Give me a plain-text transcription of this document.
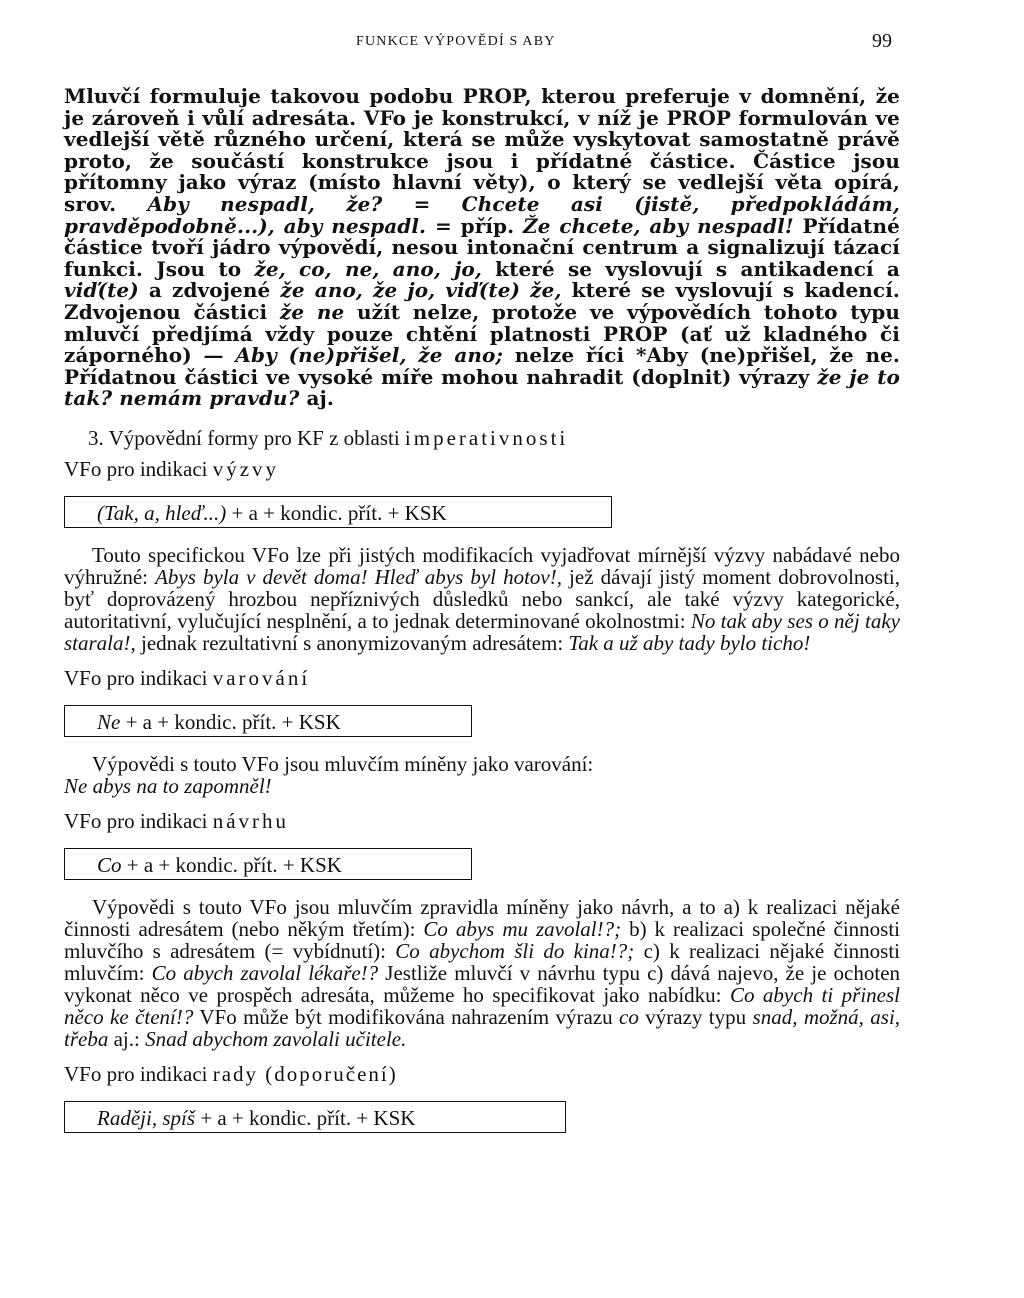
FUNKCE VÝPOVĚDÍ S ABY	99

Mluvčí formuluje takovou podobu PROP, kterou preferuje v domnění, že je zároveň i vůlí adresáta. VFo je konstrukcí, v níž je PROP formulován ve vedlejší větě různého určení, která se může vyskytovat samostatně právě proto, že součástí konstrukce jsou i přídatné částice. Částice jsou přítomny jako výraz (místo hlavní věty), o který se vedlejší věta opírá, srov. Aby nespadl, že? = Chcete asi (jistě, předpokládám, pravděpodobně...), aby nespadl. = příp. Že chcete, aby nespadl! Přídatné částice tvoří jádro výpovědí, nesou intonační centrum a signalizují tázací funkci. Jsou to že, co, ne, ano, jo, které se vyslovují s antikadencí a viď(te) a zdvojené že ano, že jo, viď(te) že, které se vyslovují s kadencí. Zdvojenou částici že ne užít nelze, protože ve výpovědích tohoto typu mluvčí předjímá vždy pouze chtění platnosti PROP (ať už kladného či záporného) — Aby (ne)přišel, že ano; nelze říci *Aby (ne)přišel, že ne. Přídatnou částici ve vysoké míře mohou nahradit (doplnit) výrazy že je to tak? nemám pravdu? aj.

3. Výpovědní formy pro KF z oblasti imperativnosti
VFo pro indikaci výzvy
(Tak, a, hleď...) + a + kondic. přít. + KSK

Touto specifickou VFo lze při jistých modifikacích vyjadřovat mírnější výzvy nabádavé nebo výhružné: Abys byla v devět doma! Hleď abys byl hotov!, jež dávají jistý moment dobrovolnosti, byť doprovázený hrozbou nepříznivých důsledků nebo sankcí, ale také výzvy kategorické, autoritativní, vylučující nesplnění, a to jednak determinované okolnostmi: No tak aby ses o něj taky starala!, jednak rezultativní s anonymizovaným adresátem: Tak a už aby tady bylo ticho!

VFo pro indikaci varování
Ne + a + kondic. přít. + KSK

Výpovědi s touto VFo jsou mluvčím míněny jako varování:
Ne abys na to zapomněl!

VFo pro indikaci návrhu
Co + a + kondic. přít. + KSK

Výpovědi s touto VFo jsou mluvčím zpravidla míněny jako návrh, a to a) k realizaci nějaké činnosti adresátem (nebo někým třetím): Co abys mu zavolal!?; b) k realizaci společné činnosti mluvčího s adresátem (= vybídnutí): Co abychom šli do kina!?; c) k realizaci nějaké činnosti mluvčím: Co abych zavolal lékaře!? Jestliže mluvčí v návrhu typu c) dává najevo, že je ochoten vykonat něco ve prospěch adresáta, můžeme ho specifikovat jako nabídku: Co abych ti přinesl něco ke čtení!? VFo může být modifikována nahrazením výrazu co výrazy typu snad, možná, asi, třeba aj.: Snad abychom zavolali učitele.

VFo pro indikaci rady (doporučení)
Raději, spíš + a + kondic. přít. + KSK
